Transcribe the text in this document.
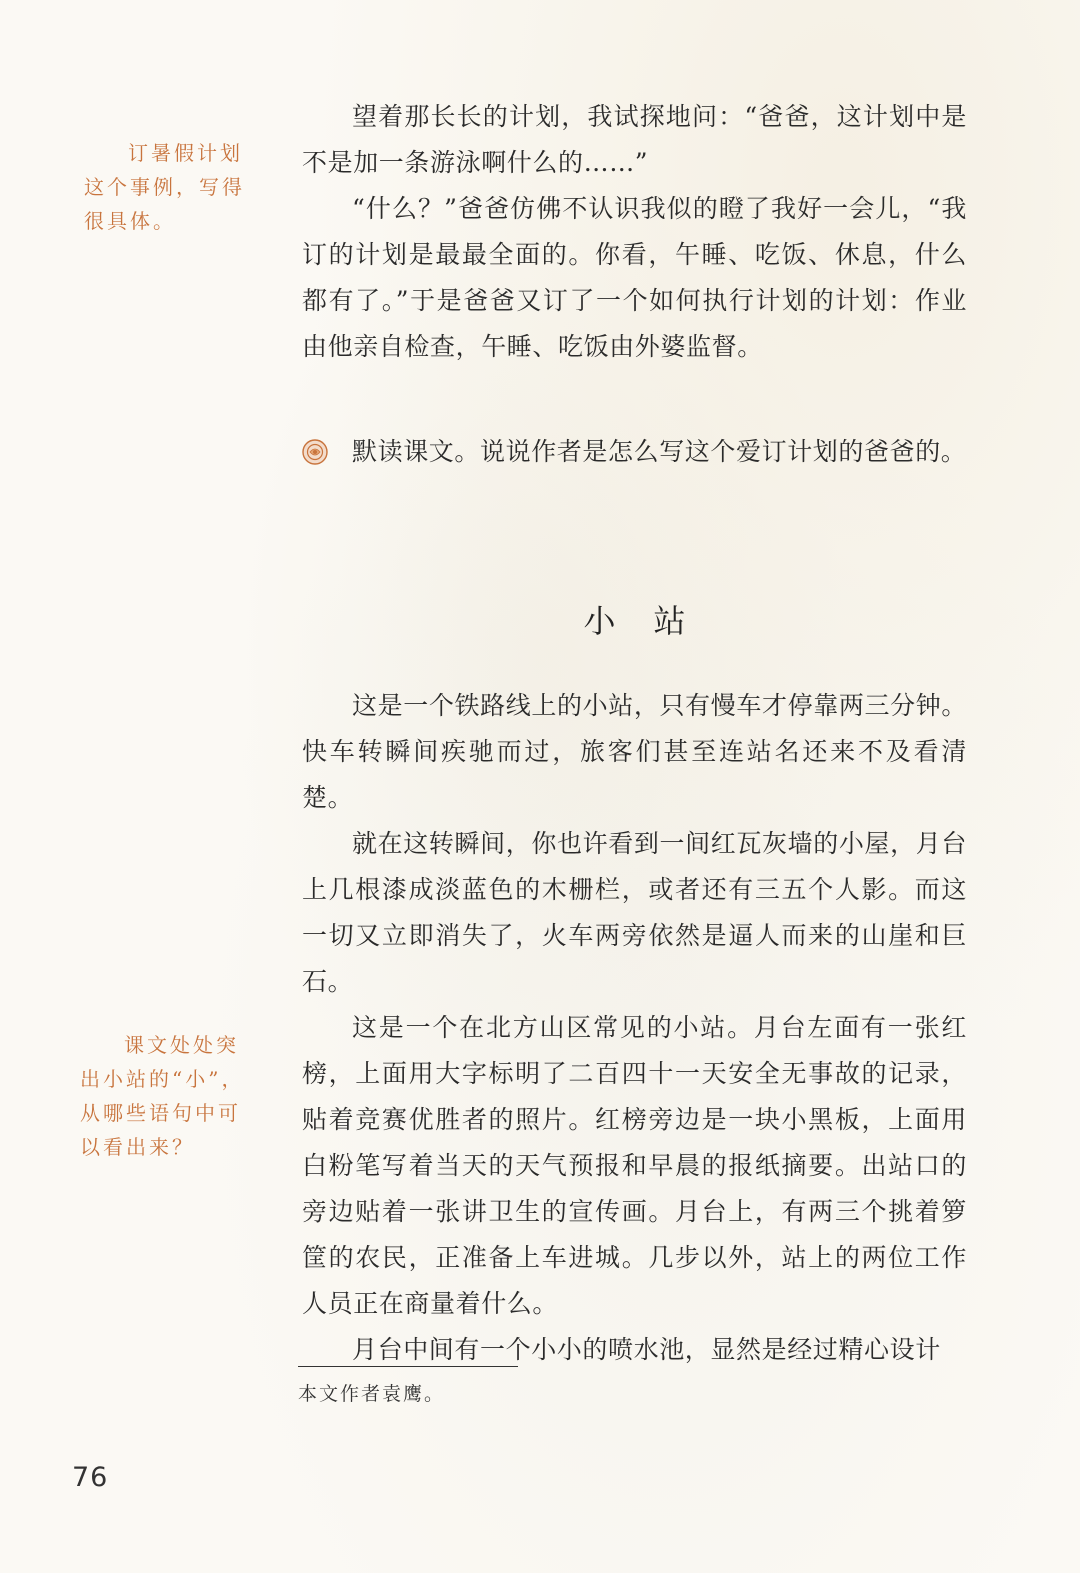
望着那长长的计划，我试探地问：“爸爸，这计划中是不是加一条游泳啊什么的……”

“什么？”爸爸仿佛不认识我似的瞪了我好一会儿，“我订的计划是最最全面的。你看，午睡、吃饭、休息，什么都有了。”于是爸爸又订了一个如何执行计划的计划：作业由他亲自检查，午睡、吃饭由外婆监督。

订暑假计划
这个事例，写得
很具体。
默读课文。说说作者是怎么写这个爱订计划的爸爸的。
小站

这是一个铁路线上的小站，只有慢车才停靠两三分钟。快车转瞬间疾驰而过，旅客们甚至连站名还来不及看清楚。

就在这转瞬间，你也许看到一间红瓦灰墙的小屋，月台上几根漆成淡蓝色的木栅栏，或者还有三五个人影。而这一切又立即消失了，火车两旁依然是逼人而来的山崖和巨石。

这是一个在北方山区常见的小站。月台左面有一张红榜，上面用大字标明了二百四十一天安全无事故的记录，贴着竞赛优胜者的照片。红榜旁边是一块小黑板，上面用白粉笔写着当天的天气预报和早晨的报纸摘要。出站口的旁边贴着一张讲卫生的宣传画。月台上，有两三个挑着箩筐的农民，正准备上车进城。几步以外，站上的两位工作人员正在商量着什么。

月台中间有一个小小的喷水池，显然是经过精心设计

课文处处突
出小站的“小”，
从哪些语句中可
以看出来？
本文作者袁鹰。
76
